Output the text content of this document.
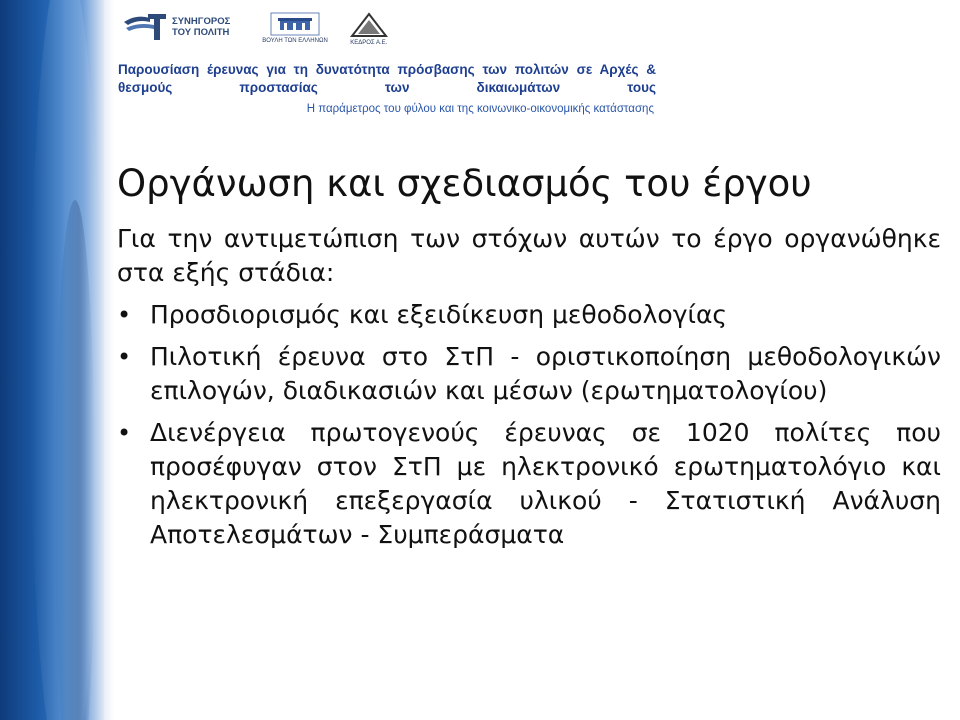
ΣΥΝΗΓΟΡΟΣ
ΤΟΥ ΠΟΛΙΤΗ
ΒΟΥΛΗ ΤΩΝ ΕΛΛΗΝΩΝ	ΚΕΔΡΟΣ Α.Ε.
Παρουσίαση έρευνας για τη δυνατότητα πρόσβασης των πολιτών σε Αρχές & θεσμούς προστασίας των δικαιωμάτων τους
Η παράμετρος του φύλου και της κοινωνικο-οικονομικής κατάστασης
Οργάνωση και σχεδιασμός του έργου

Για την αντιμετώπιση των στόχων αυτών το έργο οργανώθηκε στα εξής στάδια:

• Προσδιορισμός και εξειδίκευση μεθοδολογίας
• Πιλοτική έρευνα στο ΣτΠ - οριστικοποίηση μεθοδολογικών επιλογών, διαδικασιών και μέσων (ερωτηματολογίου)
• Διενέργεια πρωτογενούς έρευνας σε 1020 πολίτες που προσέφυγαν στον ΣτΠ με ηλεκτρονικό ερωτηματολόγιο και ηλεκτρονική επεξεργασία υλικού - Στατιστική Ανάλυση Αποτελεσμάτων - Συμπεράσματα
